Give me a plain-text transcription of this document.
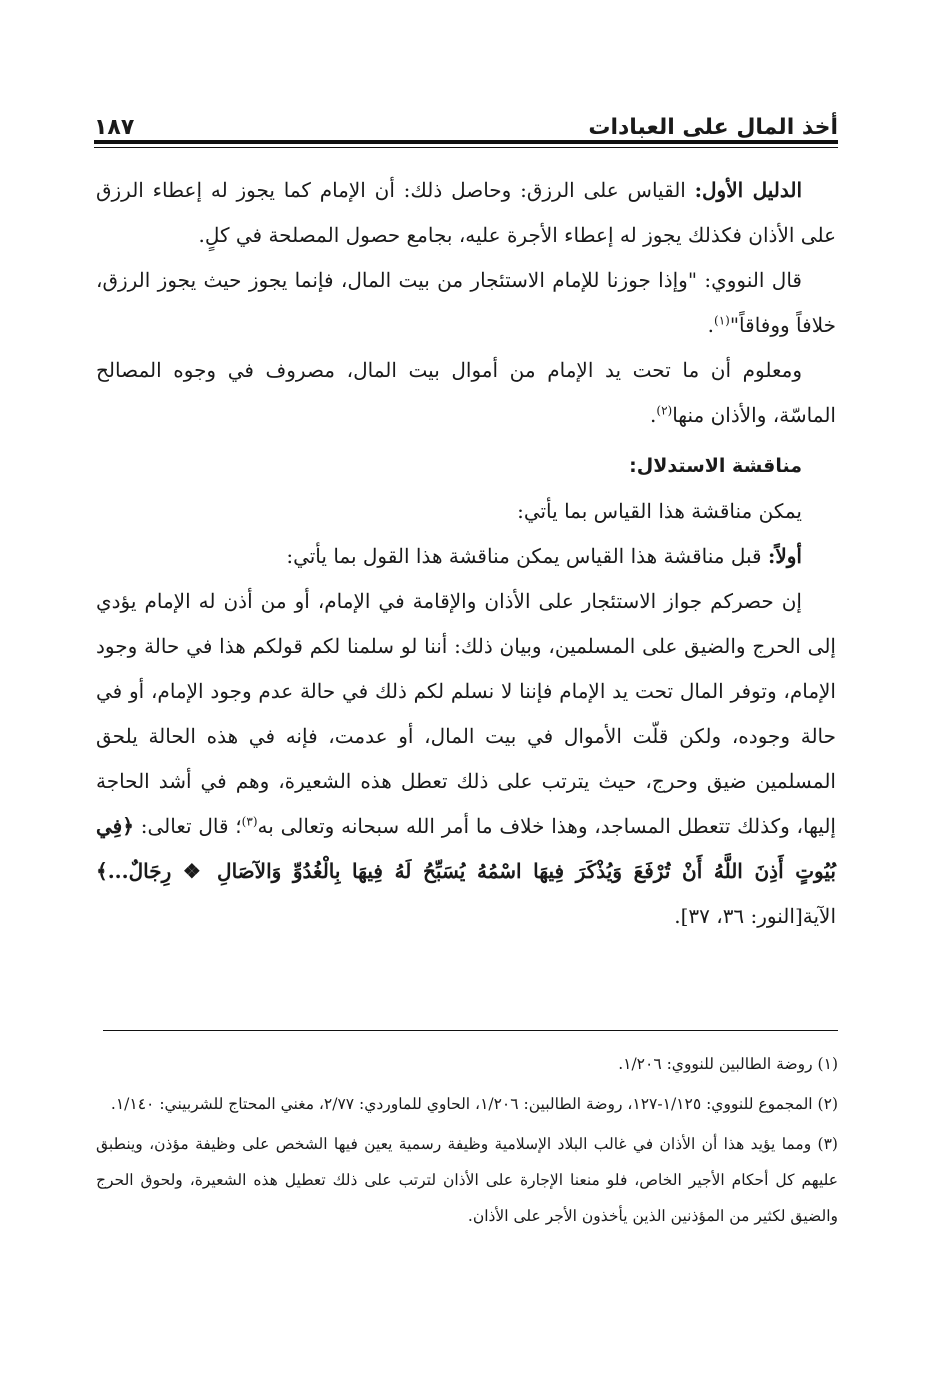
أخذ المال على العبادات
١٨٧

الدليل الأول: القياس على الرزق: وحاصل ذلك: أن الإمام كما يجوز له إعطاء الرزق على الأذان فكذلك يجوز له إعطاء الأجرة عليه، بجامع حصول المصلحة في كلٍ.

قال النووي: "وإذا جوزنا للإمام الاستئجار من بيت المال، فإنما يجوز حيث يجوز الرزق، خلافاً ووفاقاً"$^{(١)}$.

ومعلوم أن ما تحت يد الإمام من أموال بيت المال، مصروف في وجوه المصالح الماسّة، والأذان منها$^{(٢)}$.

مناقشة الاستدلال:

يمكن مناقشة هذا القياس بما يأتي:

أولاً: قبل مناقشة هذا القياس يمكن مناقشة هذا القول بما يأتي:

إن حصركم جواز الاستئجار على الأذان والإقامة في الإمام، أو من أذن له الإمام يؤدي إلى الحرج والضيق على المسلمين، وبيان ذلك: أننا لو سلمنا لكم قولكم هذا في حالة وجود الإمام، وتوفر المال تحت يد الإمام فإننا لا نسلم لكم ذلك في حالة عدم وجود الإمام، أو في حالة وجوده، ولكن قلّت الأموال في بيت المال، أو عدمت، فإنه في هذه الحالة يلحق المسلمين ضيق وحرج، حيث يترتب على ذلك تعطل هذه الشعيرة، وهم في أشد الحاجة إليها، وكذلك تتعطل المساجد، وهذا خلاف ما أمر الله سبحانه وتعالى به$^{(٣)}$؛ قال تعالى: ﴿فِي بُيُوتٍ أَذِنَ اللَّهُ أَنْ تُرْفَعَ وَيُذْكَرَ فِيهَا اسْمُهُ يُسَبِّحُ لَهُ فِيهَا بِالْغُدُوِّ وَالآصَالِ ❖ رِجَالٌ...﴾الآية[النور: ٣٦، ٣٧].

(١) روضة الطالبين للنووي: ١/٢٠٦.

(٢) المجموع للنووي: ١/١٢٥-١٢٧، روضة الطالبين: ١/٢٠٦، الحاوي للماوردي: ٢/٧٧، مغني المحتاج للشربيني: ١/١٤٠.

(٣) ومما يؤيد هذا أن الأذان في غالب البلاد الإسلامية وظيفة رسمية يعين فيها الشخص على وظيفة مؤذن، وينطبق عليهم كل أحكام الأجير الخاص، فلو منعنا الإجارة على الأذان لترتب على ذلك تعطيل هذه الشعيرة، ولحوق الحرج والضيق لكثير من المؤذنين الذين يأخذون الأجر على الأذان.
